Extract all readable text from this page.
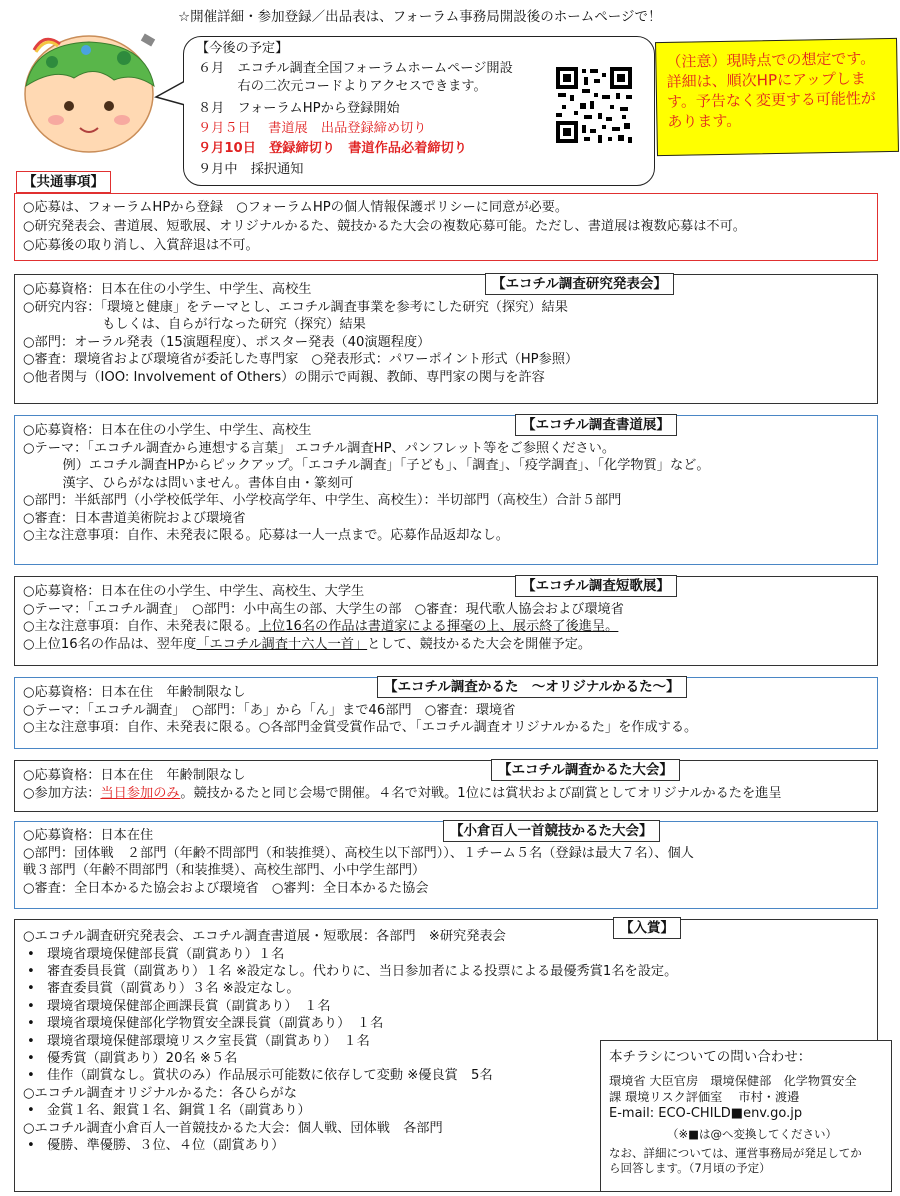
☆開催詳細・参加登録／出品表は、フォーラム事務局開設後のホームページで！
【今後の予定】
６月　エコチル調査全国フォーラムホームページ開設
　　　右の二次元コードよりアクセスできます。
８月　フォーラムHPから登録開始
９月５日　 書道展　出品登録締め切り
９月10日　登録締切り　書道作品必着締切り
９月中　採択通知
（注意）現時点での想定です。詳細は、順次HPにアップします。予告なく変更する可能性があります。
【共通事項】
○応募は、フォーラムHPから登録　○フォーラムHPの個人情報保護ポリシーに同意が必要。
○研究発表会、書道展、短歌展、オリジナルかるた、競技かるた大会の複数応募可能。ただし、書道展は複数応募は不可。
○応募後の取り消し、入賞辞退は不可。
【エコチル調査研究発表会】
○応募資格：日本在住の小学生、中学生、高校生
○研究内容：「環境と健康」をテーマとし、エコチル調査事業を参考にした研究（探究）結果
　　　　　　もしくは、自らが行なった研究（探究）結果
○部門：オーラル発表（15演題程度）、ポスター発表（40演題程度）
○審査：環境省および環境省が委託した専門家　○発表形式：パワーポイント形式（HP参照）
○他者関与（IOO: Involvement of Others）の開示で両親、教師、専門家の関与を許容
【エコチル調査書道展】
○応募資格：日本在住の小学生、中学生、高校生
○テーマ：「エコチル調査から連想する言葉」 エコチル調査HP、パンフレット等をご参照ください。
　　　例）エコチル調査HPからピックアップ。「エコチル調査」「子ども」、「調査」、「疫学調査」、「化学物質」など。
　　　漢字、ひらがなは問いません。書体自由・篆刻可
○部門：半紙部門（小学校低学年、小学校高学年、中学生、高校生）：半切部門（高校生）合計５部門
○審査：日本書道美術院および環境省
○主な注意事項：自作、未発表に限る。応募は一人一点まで。応募作品返却なし。
【エコチル調査短歌展】
○応募資格：日本在住の小学生、中学生、高校生、大学生
○テーマ：「エコチル調査」　○部門：小中高生の部、大学生の部　○審査：現代歌人協会および環境省
○主な注意事項：自作、未発表に限る。上位16名の作品は書道家による揮毫の上、展示終了後進呈。
○上位16名の作品は、翌年度「エコチル調査十六人一首」として、競技かるた大会を開催予定。
【エコチル調査かるた　～オリジナルかるた～】
○応募資格：日本在住　年齢制限なし
○テーマ：「エコチル調査」　○部門：「あ」から「ん」まで46部門　○審査：環境省
○主な注意事項：自作、未発表に限る。○各部門金賞受賞作品で、「エコチル調査オリジナルかるた」を作成する。
【エコチル調査かるた大会】
○応募資格：日本在住　年齢制限なし
○参加方法：当日参加のみ。競技かるたと同じ会場で開催。４名で対戦。1位には賞状および副賞としてオリジナルかるたを進呈
【小倉百人一首競技かるた大会】
○応募資格：日本在住
○部門：団体戦　２部門（年齢不問部門（和装推奨）、高校生以下部門））、１チーム５名（登録は最大７名）、個人
戦３部門（年齢不問部門（和装推奨）、高校生部門、小中学生部門）
○審査：全日本かるた協会および環境省　○審判：全日本かるた協会
【入賞】
○エコチル調査研究発表会、エコチル調査書道展・短歌展：各部門　※研究発表会
• 環境省環境保健部長賞（副賞あり）１名
• 審査委員長賞（副賞あり）１名 ※設定なし。代わりに、当日参加者による投票による最優秀賞1名を設定。
• 審査委員賞（副賞あり）３名 ※設定なし。
• 環境省環境保健部企画課長賞（副賞あり）　１名
• 環境省環境保健部化学物質安全課長賞（副賞あり）　１名
• 環境省環境保健部環境リスク室長賞（副賞あり）　１名
• 優秀賞（副賞あり）20名 ※５名
• 佳作（副賞なし。賞状のみ）作品展示可能数に依存して変動 ※優良賞　5名
○エコチル調査オリジナルかるた：各ひらがな
• 金賞１名、銀賞１名、銅賞１名（副賞あり）
○エコチル調査小倉百人一首競技かるた大会：個人戦、団体戦　各部門
• 優勝、準優勝、３位、４位（副賞あり）
本チラシについての問い合わせ：
環境省 大臣官房　環境保健部　化学物質安全
課 環境リスク評価室　 市村・渡邉
E-mail: ECO-CHILD■env.go.jp
（※■は@へ変換してください）
なお、詳細については、運営事務局が発足してか
ら回答します。（7月頃の予定）
